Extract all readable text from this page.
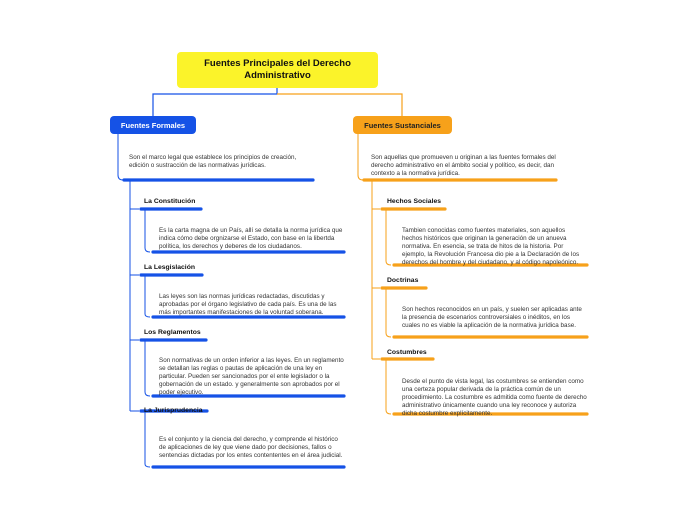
Fuentes Principales del Derecho Administrativo
Fuentes Formales
Son el marco legal que establece los principios de creación, edición o sustracción de las normativas jurídicas.
La Constitución
Es la carta magna de un País, allí se detalla la norma jurídica que indica cómo debe orgnizarse el Estado, con base en la libertda política, los derechos y deberes de los ciudadanos.
La Lesgislación
Las leyes son las normas jurídicas redactadas, discutidas y aprobadas por el órgano legislativo de cada país. Es una de las más importantes manifestaciones de la voluntad soberana.
Los Reglamentos
Son normativas de un orden inferior a las leyes. En un reglamento se detallan las reglas o pautas de aplicación de una ley en particular. Pueden ser sancionados por el ente legislador o la gobernación de un estado. y generalmente son aprobados por el poder ejecutivo.
La Jurisprudencia
Es el conjunto y la ciencia del derecho, y comprende el histórico de aplicaciones de ley que viene dado por decisiones, fallos o sentencias dictadas por los entes contententes en el área judicial.
Fuentes Sustanciales
Son aquellas que promueven u originan a las fuentes formales del derecho administrativo en el ámbito social y político, es decir, dan contexto a la normativa jurídica.
Hechos Sociales
Tambien conocidas como fuentes materiales, son aquellos hechos históricos que originan la generación de un anueva normativa. En esencia, se trata de hitos de la historia. Por ejemplo, la Revolución Francesa dio pie a la Declaración de los derechos del hombre y del ciudadano, y al código napoleónico.
Doctrinas
Son hechos reconocidos en un país, y suelen ser aplicadas ante la presencia de escenarios controversiales o inéditos, en los cuales no es viable la aplicación de la normativa jurídica base.
Costumbres
Desde el punto de vista legal, las costumbres se entienden como una certeza popular derivada de la práctica común de un procedimiento. La costumbre es admitida como fuente de derecho administrativo únicamente cuando una ley reconoce y autoriza dicha costumbre explícitamente.
